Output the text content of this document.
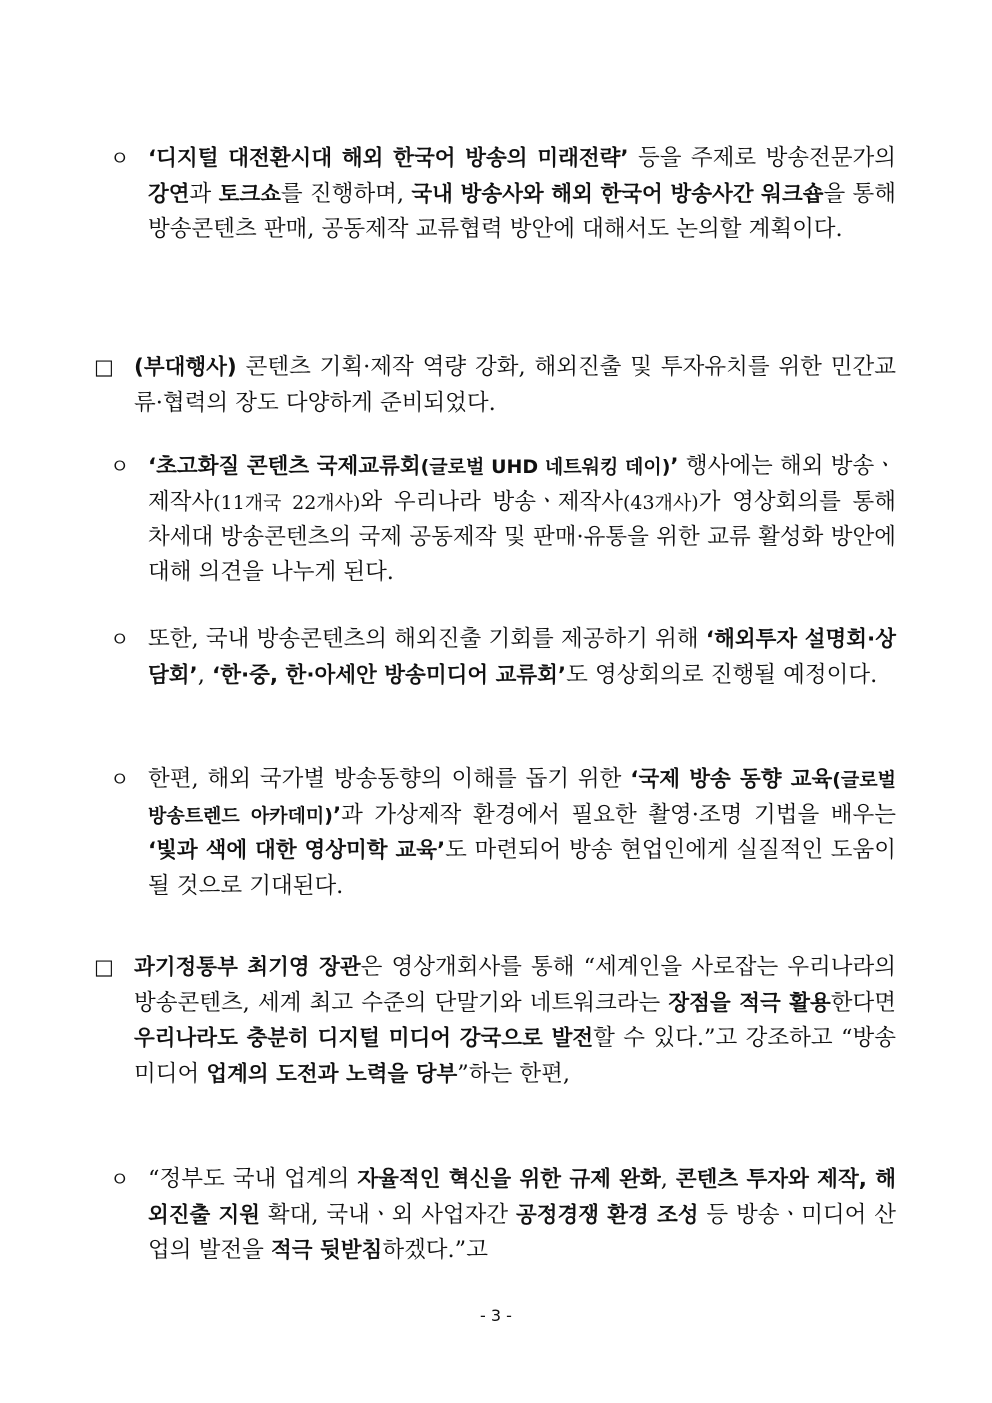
ㅇ ‘디지털 대전환시대 해외 한국어 방송의 미래전략’ 등을 주제로 방송전문가의 강연과 토크쇼를 진행하며, 국내 방송사와 해외 한국어 방송사간 워크숍을 통해 방송콘텐츠 판매, 공동제작 교류협력 방안에 대해서도 논의할 계획이다.
□ (부대행사) 콘텐츠 기획·제작 역량 강화, 해외진출 및 투자유치를 위한 민간교류·협력의 장도 다양하게 준비되었다.
ㅇ ‘초고화질 콘텐츠 국제교류회(글로벌 UHD 네트워킹 데이)’ 행사에는 해외 방송ㆍ제작사(11개국 22개사)와 우리나라 방송ㆍ제작사(43개사)가 영상회의를 통해 차세대 방송콘텐츠의 국제 공동제작 및 판매·유통을 위한 교류 활성화 방안에 대해 의견을 나누게 된다.
ㅇ 또한, 국내 방송콘텐츠의 해외진출 기회를 제공하기 위해 ‘해외투자 설명회·상담회’, ‘한·중, 한·아세안 방송미디어 교류회’도 영상회의로 진행될 예정이다.
ㅇ 한편, 해외 국가별 방송동향의 이해를 돕기 위한 ‘국제 방송 동향 교육(글로벌 방송트렌드 아카데미)’과 가상제작 환경에서 필요한 촬영·조명 기법을 배우는 ‘빛과 색에 대한 영상미학 교육’도 마련되어 방송 현업인에게 실질적인 도움이 될 것으로 기대된다.
□ 과기정통부 최기영 장관은 영상개회사를 통해 “세계인을 사로잡는 우리나라의 방송콘텐츠, 세계 최고 수준의 단말기와 네트워크라는 장점을 적극 활용한다면 우리나라도 충분히 디지털 미디어 강국으로 발전할 수 있다.”고 강조하고 “방송 미디어 업계의 도전과 노력을 당부”하는 한편,
ㅇ “정부도 국내 업계의 자율적인 혁신을 위한 규제 완화, 콘텐츠 투자와 제작, 해외진출 지원 확대, 국내ㆍ외 사업자간 공정경쟁 환경 조성 등 방송ㆍ미디어 산업의 발전을 적극 뒷받침하겠다.”고
- 3 -
